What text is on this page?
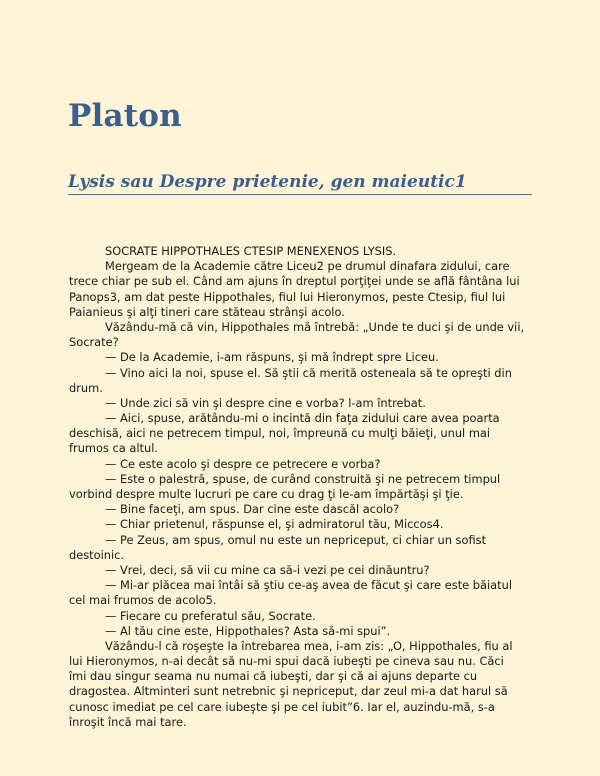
Platon
Lysis sau Despre prietenie, gen maieutic1
SOCRATE HIPPOTHALES CTESIP MENEXENOS LYSIS.
Mergeam de la Academie către Liceu2 pe drumul dinafara zidului, care
trece chiar pe sub el. Când am ajuns în dreptul porţiţei unde se află fântâna lui
Panops3, am dat peste Hippothales, fiul lui Hieronymos, peste Ctesip, fiul lui
Paianieus şi alţi tineri care stăteau strânşi acolo.
Văzându-mă că vin, Hippothales mă întrebă: „Unde te duci şi de unde vii,
Socrate?
— De la Academie, i-am răspuns, şi mă îndrept spre Liceu.
— Vino aici la noi, spuse el. Să ştii că merită osteneala să te opreşti din
drum.
— Unde zici să vin şi despre cine e vorba? l-am întrebat.
— Aici, spuse, arătându-mi o incintă din faţa zidului care avea poarta
deschisă, aici ne petrecem timpul, noi, împreună cu mulţi băieţi, unul mai
frumos ca altul.
— Ce este acolo şi despre ce petrecere e vorba?
— Este o palestră, spuse, de curând construită şi ne petrecem timpul
vorbind despre multe lucruri pe care cu drag ţi le-am împărtăşi şi ţie.
— Bine faceţi, am spus. Dar cine este dascăl acolo?
— Chiar prietenul, răspunse el, şi admiratorul tău, Miccos4.
— Pe Zeus, am spus, omul nu este un nepriceput, ci chiar un sofist
destoinic.
— Vrei, deci, să vii cu mine ca să-i vezi pe cei dinăuntru?
— Mi-ar plăcea mai întâi să ştiu ce-aş avea de făcut şi care este băiatul
cel mai frumos de acolo5.
— Fiecare cu preferatul său, Socrate.
— Al tău cine este, Hippothales? Asta să-mi spui”.
Văzându-l că roşeşte la întrebarea mea, i-am zis: „O, Hippothales, fiu al
lui Hieronymos, n-ai decât să nu-mi spui dacă iubeşti pe cineva sau nu. Căci
îmi dau singur seama nu numai că iubeşti, dar şi că ai ajuns departe cu
dragostea. Altminteri sunt netrebnic şi nepriceput, dar zeul mi-a dat harul să
cunosc imediat pe cel care iubeşte şi pe cel iubit”6. Iar el, auzindu-mă, s-a
înroşit încă mai tare.
